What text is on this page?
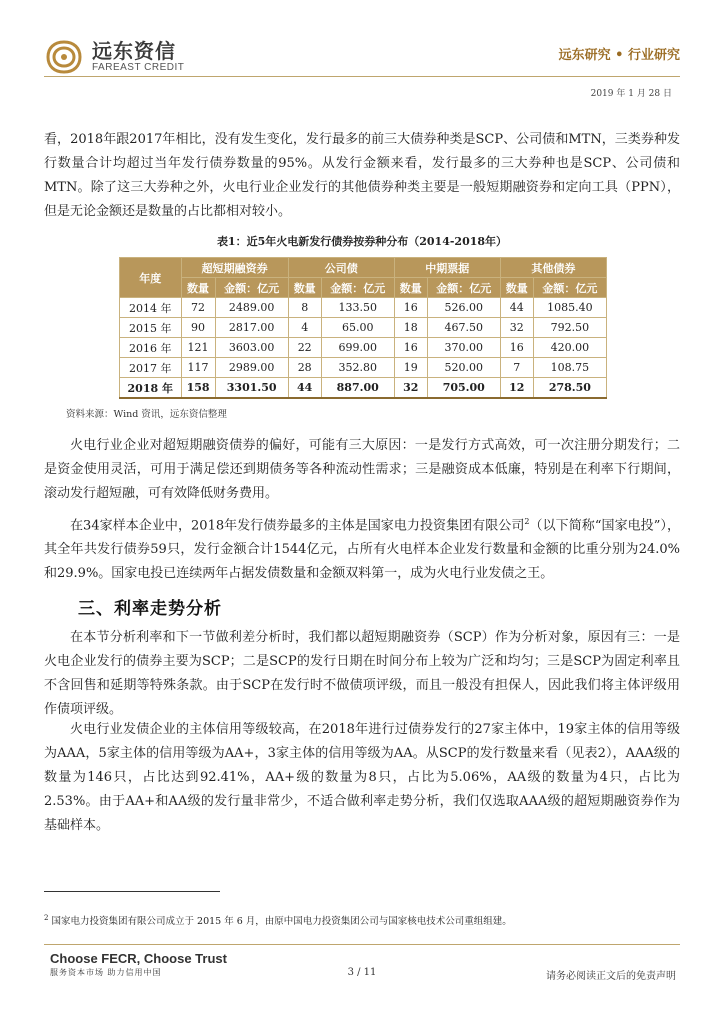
远东资信
FAREAST CREDIT
远东研究 • 行业研究
2019 年 1 月 28 日

看，2018年跟2017年相比，没有发生变化，发行最多的前三大债券种类是SCP、公司债和MTN，三类券种发行数量合计均超过当年发行债券数量的95%。从发行金额来看，发行最多的三大券种也是SCP、公司债和MTN。除了这三大券种之外，火电行业企业发行的其他债券种类主要是一般短期融资券和定向工具（PPN），但是无论金额还是数量的占比都相对较小。

表1：近5年火电新发行债券按券种分布（2014-2018年）
年度	超短期融资券		公司债		中期票据		其他债券	
	数量	金额：亿元	数量	金额：亿元	数量	金额：亿元	数量	金额：亿元
2014 年	72	2489.00	8	133.50	16	526.00	44	1085.40
2015 年	90	2817.00	4	65.00	18	467.50	32	792.50
2016 年	121	3603.00	22	699.00	16	370.00	16	420.00
2017 年	117	2989.00	28	352.80	19	520.00	7	108.75
2018 年	158	3301.50	44	887.00	32	705.00	12	278.50
资料来源：Wind 资讯，远东资信整理

火电行业企业对超短期融资债券的偏好，可能有三大原因：一是发行方式高效，可一次注册分期发行；二是资金使用灵活，可用于满足偿还到期债务等各种流动性需求；三是融资成本低廉，特别是在利率下行期间，滚动发行超短融，可有效降低财务费用。

在34家样本企业中，2018年发行债券最多的主体是国家电力投资集团有限公司$^2$（以下简称“国家电投”），其全年共发行债券59只，发行金额合计1544亿元，占所有火电样本企业发行数量和金额的比重分别为24.0%和29.9%。国家电投已连续两年占据发债数量和金额双料第一，成为火电行业发债之王。

三、利率走势分析

在本节分析利率和下一节做利差分析时，我们都以超短期融资券（SCP）作为分析对象，原因有三：一是火电企业发行的债券主要为SCP；二是SCP的发行日期在时间分布上较为广泛和均匀；三是SCP为固定利率且不含回售和延期等特殊条款。由于SCP在发行时不做债项评级，而且一般没有担保人，因此我们将主体评级用作债项评级。

火电行业发债企业的主体信用等级较高，在2018年进行过债券发行的27家主体中，19家主体的信用等级为AAA，5家主体的信用等级为AA+，3家主体的信用等级为AA。从SCP的发行数量来看（见表2），AAA级的数量为146只，占比达到92.41%，AA+级的数量为8只，占比为5.06%，AA级的数量为4只，占比为2.53%。由于AA+和AA级的发行量非常少，不适合做利率走势分析，我们仅选取AAA级的超短期融资券作为基础样本。

$^2$ 国家电力投资集团有限公司成立于 2015 年 6 月，由原中国电力投资集团公司与国家核电技术公司重组组建。
Choose FECR, Choose Trust
服务资本市场 助力信用中国	3 / 11	请务必阅读正文后的免责声明
